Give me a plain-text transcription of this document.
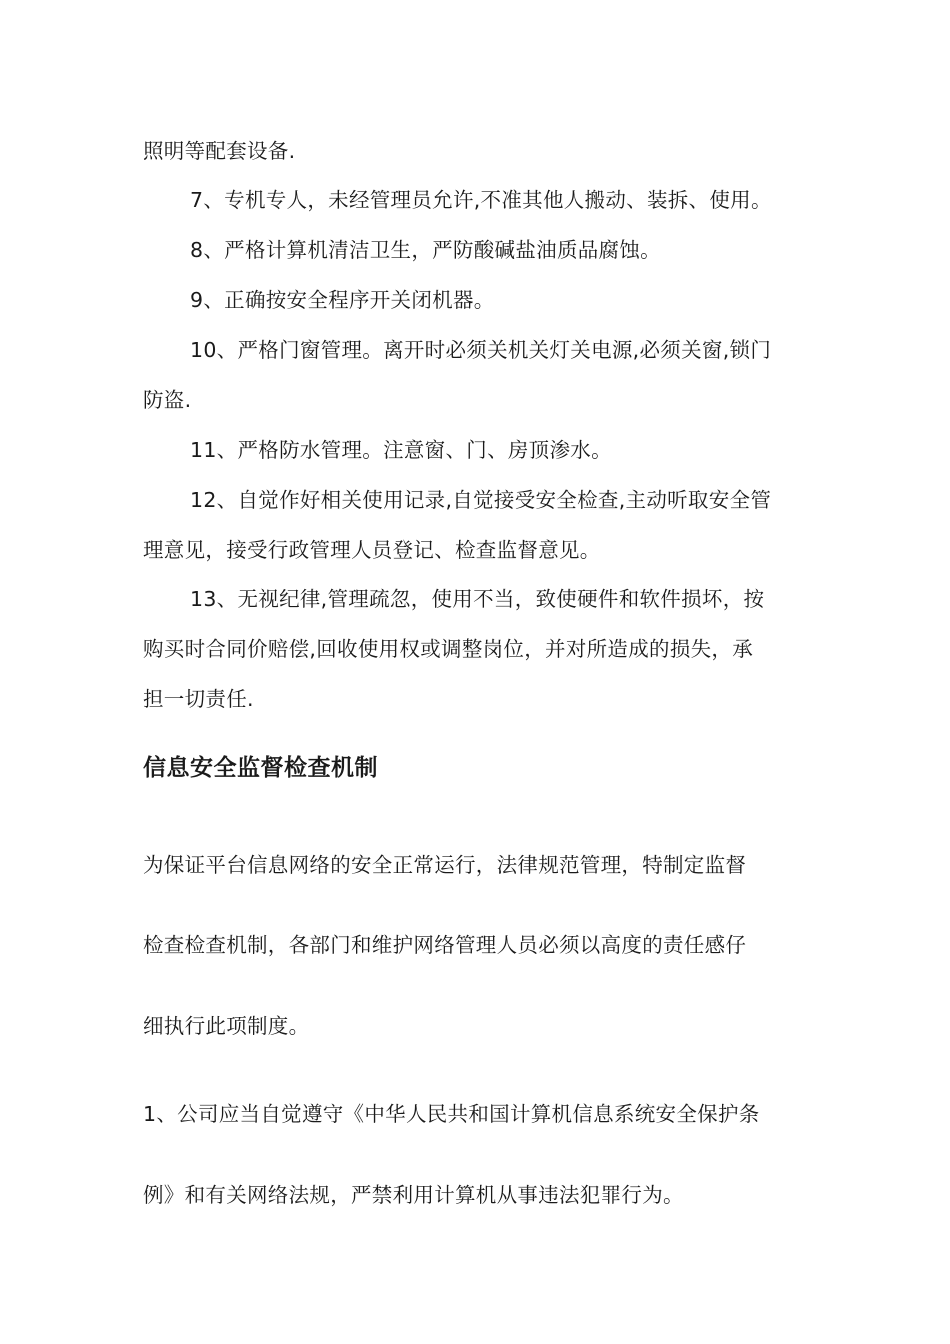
照明等配套设备.
7、专机专人，未经管理员允许,不准其他人搬动、装拆、使用。
8、严格计算机清洁卫生，严防酸碱盐油质品腐蚀。
9、正确按安全程序开关闭机器。
10、严格门窗管理。离开时必须关机关灯关电源,必须关窗,锁门
防盗.
11、严格防水管理。注意窗、门、房顶渗水。
12、自觉作好相关使用记录,自觉接受安全检查,主动听取安全管
理意见，接受行政管理人员登记、检查监督意见。
13、无视纪律,管理疏忽，使用不当，致使硬件和软件损坏，按
购买时合同价赔偿,回收使用权或调整岗位，并对所造成的损失，承
担一切责任.
信息安全监督检查机制
为保证平台信息网络的安全正常运行，法律规范管理，特制定监督
检查检查机制，各部门和维护网络管理人员必须以高度的责任感仔
细执行此项制度。
1、公司应当自觉遵守《中华人民共和国计算机信息系统安全保护条
例》和有关网络法规，严禁利用计算机从事违法犯罪行为。
